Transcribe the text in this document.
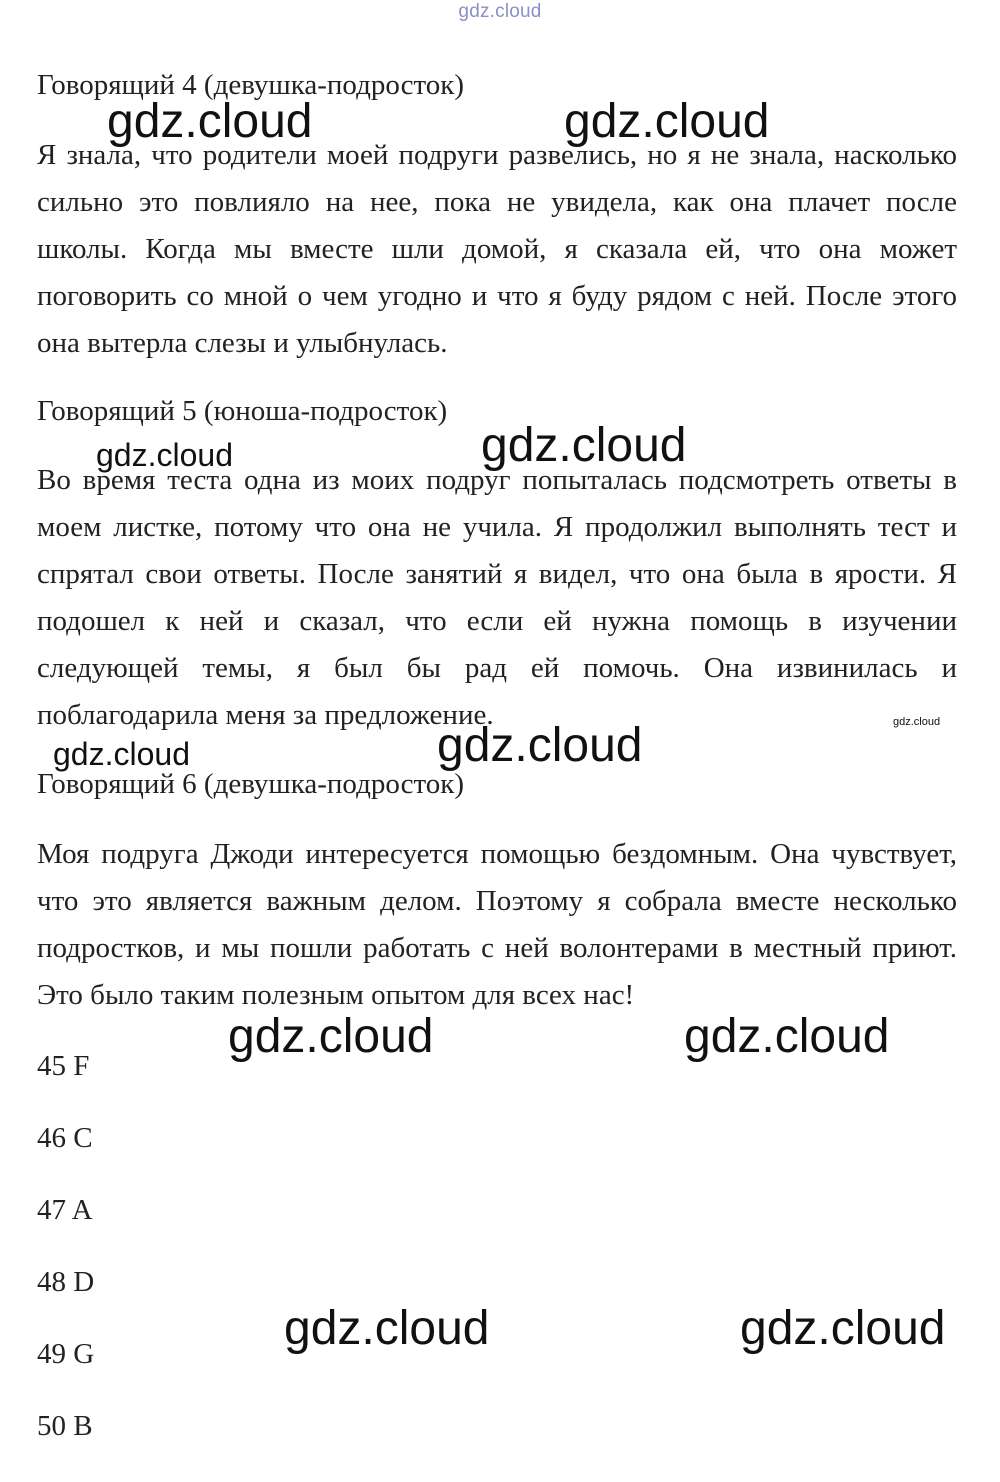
gdz.cloud
Говорящий 4 (девушка-подросток)

Я знала, что родители моей подруги развелись, но я не знала, насколько сильно это повлияло на нее, пока не увидела, как она плачет после школы. Когда мы вместе шли домой, я сказала ей, что она может поговорить со мной о чем угодно и что я буду рядом с ней. После этого она вытерла слезы и улыбнулась.

Говорящий 5 (юноша-подросток)

Во время теста одна из моих подруг попыталась подсмотреть ответы в моем листке, потому что она не учила. Я продолжил выполнять тест и спрятал свои ответы. После занятий я видел, что она была в ярости. Я подошел к ней и сказал, что если ей нужна помощь в изучении следующей темы, я был бы рад ей помочь. Она извинилась и поблагодарила меня за предложение.

Говорящий 6 (девушка-подросток)

Моя подруга Джоди интересуется помощью бездомным. Она чувствует, что это является важным делом. Поэтому я собрала вместе несколько подростков, и мы пошли работать с ней волонтерами в местный приют. Это было таким полезным опытом для всех нас!

45 F
46 C
47 A
48 D
49 G
50 B
gdz.cloud	gdz.cloud
gdz.cloud	gdz.cloud
gdz.cloud
gdz.cloud	gdz.cloud
gdz.cloud	gdz.cloud
gdz.cloud	gdz.cloud
